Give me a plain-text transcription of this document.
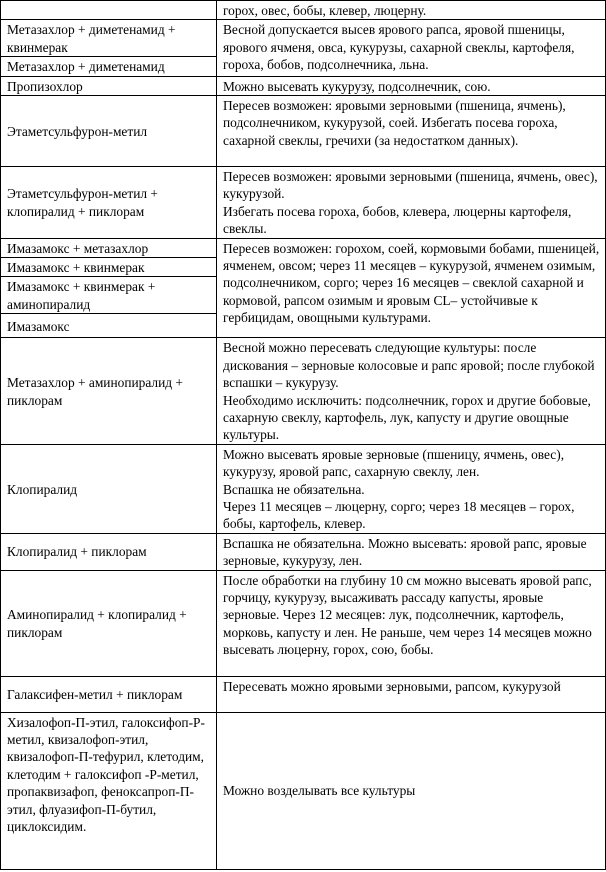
	горох, овес, бобы, клевер, люцерну.
Метазахлор + диметенамид + квинмерак	Весной допускается высев ярового рапса, яровой пшеницы, ярового ячменя, овса, кукурузы, сахарной свеклы, картофеля, гороха, бобов, подсолнечника, льна.
Метазахлор + диметенамид	
Пропизохлор	Можно высевать кукурузу, подсолнечник, сою.
Этаметсульфурон-метил	Пересев возможен: яровыми зерновыми (пшеница, ячмень), подсолнечником, кукурузой, соей. Избегать посева гороха, сахарной свеклы, гречихи (за недостатком данных).
Этаметсульфурон-метил + клопиралид + пиклорам	Пересев возможен: яровыми зерновыми (пшеница, ячмень, овес), кукурузой.
Избегать посева гороха, бобов, клевера, люцерны картофеля, свеклы.

Имазамокс + метазахлор	Пересев возможен: горохом, соей, кормовыми бобами, пшеницей, ячменем, овсом; через 11 месяцев – кукурузой, ячменем озимым, подсолнечником, сорго; через 16 месяцев – свеклой сахарной и кормовой, рапсом озимым и яровым CL– устойчивые к гербицидам, овощными культурами.
Имазамокс + квинмерак	
Имазамокс + квинмерак + аминопиралид	
Имазамокс	
Метазахлор + аминопиралид + пиклорам	Весной можно пересевать следующие культуры: после дискования – зерновые колосовые и рапс яровой; после глубокой вспашки – кукурузу.
Необходимо исключить: подсолнечник, горох и другие бобовые, сахарную свеклу, картофель, лук, капусту и другие овощные культуры.

Клопиралид	Можно высевать яровые зерновые (пшеницу, ячмень, овес), кукурузу, яровой рапс, сахарную свеклу, лен.
Вспашка не обязательна.
Через 11 месяцев – люцерну, сорго; через 18 месяцев – горох, бобы, картофель, клевер.

Клопиралид + пиклорам	Вспашка не обязательна. Можно высевать: яровой рапс, яровые зерновые, кукурузу, лен.
Аминопиралид + клопиралид + пиклорам	После обработки на глубину 10 см можно высевать яровой рапс, горчицу, кукурузу, высаживать рассаду капусты, яровые зерновые. Через 12 месяцев: лук, подсолнечник, картофель, морковь, капусту и лен. Не раньше, чем через 14 месяцев можно высевать люцерну, горох, сою, бобы.
Галаксифен-метил + пиклорам	Пересевать можно яровыми зерновыми, рапсом, кукурузой
Хизалофоп-П-этил, галоксифоп-Р-метил, квизалофоп-этил, квизалофоп-П-тефурил, клетодим, клетодим + галоксифоп -Р-метил, пропаквизафоп, феноксапроп-П-этил, флуазифоп-П-бутил, циклоксидим.	Можно возделывать все культуры
